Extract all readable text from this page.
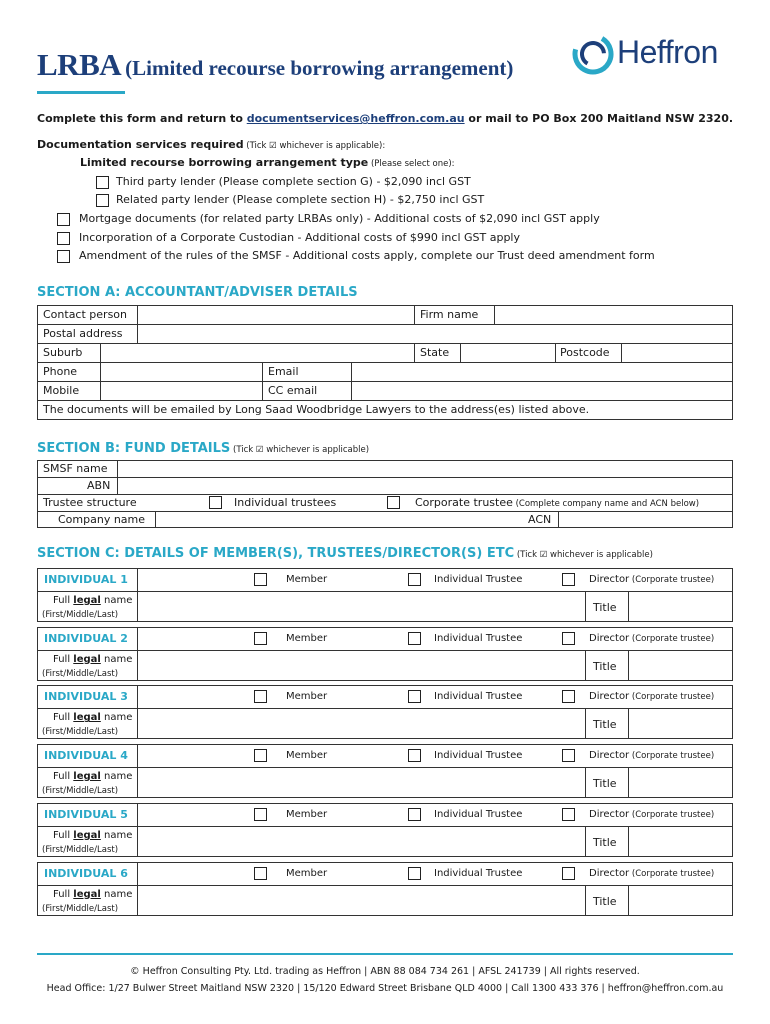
LRBA (Limited recourse borrowing arrangement)	Heffron
Complete this form and return to documentservices@heffron.com.au or mail to PO Box 200 Maitland NSW 2320.
Documentation services required (Tick ☑ whichever is applicable):
Limited recourse borrowing arrangement type (Please select one):
Third party lender (Please complete section G) - $2,090 incl GST
Related party lender (Please complete section H) - $2,750 incl GST
Mortgage documents (for related party LRBAs only) - Additional costs of $2,090 incl GST apply
Incorporation of a Corporate Custodian - Additional costs of $990 incl GST apply
Amendment of the rules of the SMSF - Additional costs apply, complete our Trust deed amendment form
SECTION A: ACCOUNTANT/ADVISER DETAILS
Contact person	Firm name
Postal address
Suburb	State	Postcode
Phone	Email
Mobile	CC email
The documents will be emailed by Long Saad Woodbridge Lawyers to the address(es) listed above.
SECTION B: FUND DETAILS (Tick ☑ whichever is applicable)
SMSF name
ABN
Trustee structure	Individual trustees	Corporate trustee (Complete company name and ACN below)
Company name	ACN
SECTION C: DETAILS OF MEMBER(S), TRUSTEES/DIRECTOR(S) ETC (Tick ☑ whichever is applicable)
INDIVIDUAL 1	Member	Individual Trustee	Director (Corporate trustee)
Full legal name
(First/Middle/Last)
Title
INDIVIDUAL 2	Member	Individual Trustee	Director (Corporate trustee)
Full legal name
(First/Middle/Last)
Title
INDIVIDUAL 3	Member	Individual Trustee	Director (Corporate trustee)
Full legal name
(First/Middle/Last)
Title
INDIVIDUAL 4	Member	Individual Trustee	Director (Corporate trustee)
Full legal name
(First/Middle/Last)
Title
INDIVIDUAL 5	Member	Individual Trustee	Director (Corporate trustee)
Full legal name
(First/Middle/Last)
Title
INDIVIDUAL 6	Member	Individual Trustee	Director (Corporate trustee)
Full legal name
(First/Middle/Last)
Title
© Heffron Consulting Pty. Ltd. trading as Heffron | ABN 88 084 734 261 | AFSL 241739 | All rights reserved.
Head Office: 1/27 Bulwer Street Maitland NSW 2320 | 15/120 Edward Street Brisbane QLD 4000 | Call 1300 433 376 | heffron@heffron.com.au
